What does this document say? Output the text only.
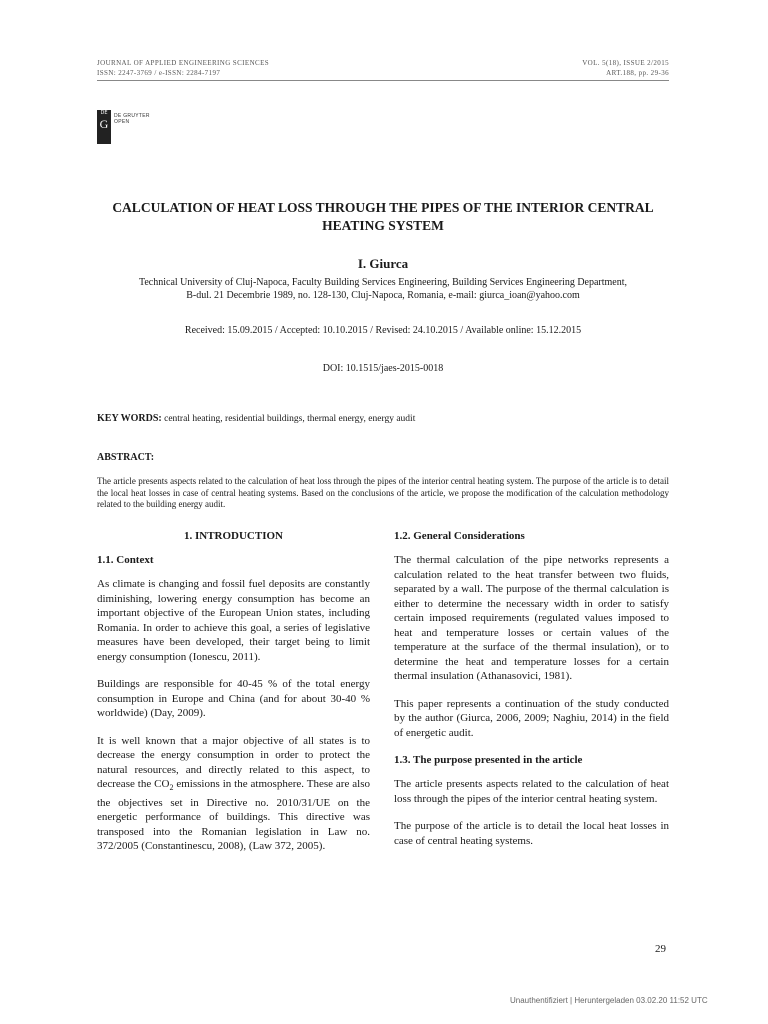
JOURNAL OF APPLIED ENGINEERING SCIENCES
ISSN: 2247-3769 / e-ISSN: 2284-7197
VOL. 5(18), ISSUE 2/2015
ART.188, pp. 29-36
DE
G
DE GRUYTER
OPEN
CALCULATION OF HEAT LOSS THROUGH THE PIPES OF THE INTERIOR CENTRAL HEATING SYSTEM
I. Giurca
Technical University of Cluj-Napoca, Faculty Building Services Engineering, Building Services Engineering Department,
B-dul. 21 Decembrie 1989, no. 128-130, Cluj-Napoca, Romania, e-mail: giurca_ioan@yahoo.com
Received: 15.09.2015 / Accepted: 10.10.2015 / Revised: 24.10.2015 / Available online: 15.12.2015
DOI: 10.1515/jaes-2015-0018
KEY WORDS: central heating, residential buildings, thermal energy, energy audit
ABSTRACT:
The article presents aspects related to the calculation of heat loss through the pipes of the interior central heating system. The purpose of the article is to detail the local heat losses in case of central heating systems. Based on the conclusions of the article, we propose the modification of the calculation methodology related to the building energy audit.
1. INTRODUCTION
1.1. Context

As climate is changing and fossil fuel deposits are constantly diminishing, lowering energy consumption has become an important objective of the European Union states, including Romania. In order to achieve this goal, a series of legislative measures have been developed, their target being to limit energy consumption (Ionescu, 2011).

Buildings are responsible for 40-45 % of the total energy consumption in Europe and China (and for about 30-40 % worldwide) (Day, 2009).

It is well known that a major objective of all states is to decrease the energy consumption in order to protect the natural resources, and directly related to this aspect, to decrease the $CO_2$ emissions in the atmosphere. These are also the objectives set in Directive no. 2010/31/UE on the energetic performance of buildings. This directive was transposed into the Romanian legislation in Law no. 372/2005 (Constantinescu, 2008), (Law 372, 2005).

1.2. General Considerations

The thermal calculation of the pipe networks represents a calculation related to the heat transfer between two fluids, separated by a wall. The purpose of the thermal calculation is either to determine the necessary width in order to satisfy certain imposed requirements (regulated values imposed to heat and temperature losses or certain values of the temperature at the surface of the thermal insulation), or to determine the heat and temperature losses for a certain thermal insulation (Athanasovici, 1981).

This paper represents a continuation of the study conducted by the author (Giurca, 2006, 2009; Naghiu, 2014) in the field of energetic audit.

1.3. The purpose presented in the article

The article presents aspects related to the calculation of heat loss through the pipes of the interior central heating system.

The purpose of the article is to detail the local heat losses in case of central heating systems.

29
Unauthentifiziert | Heruntergeladen 03.02.20 11:52 UTC
